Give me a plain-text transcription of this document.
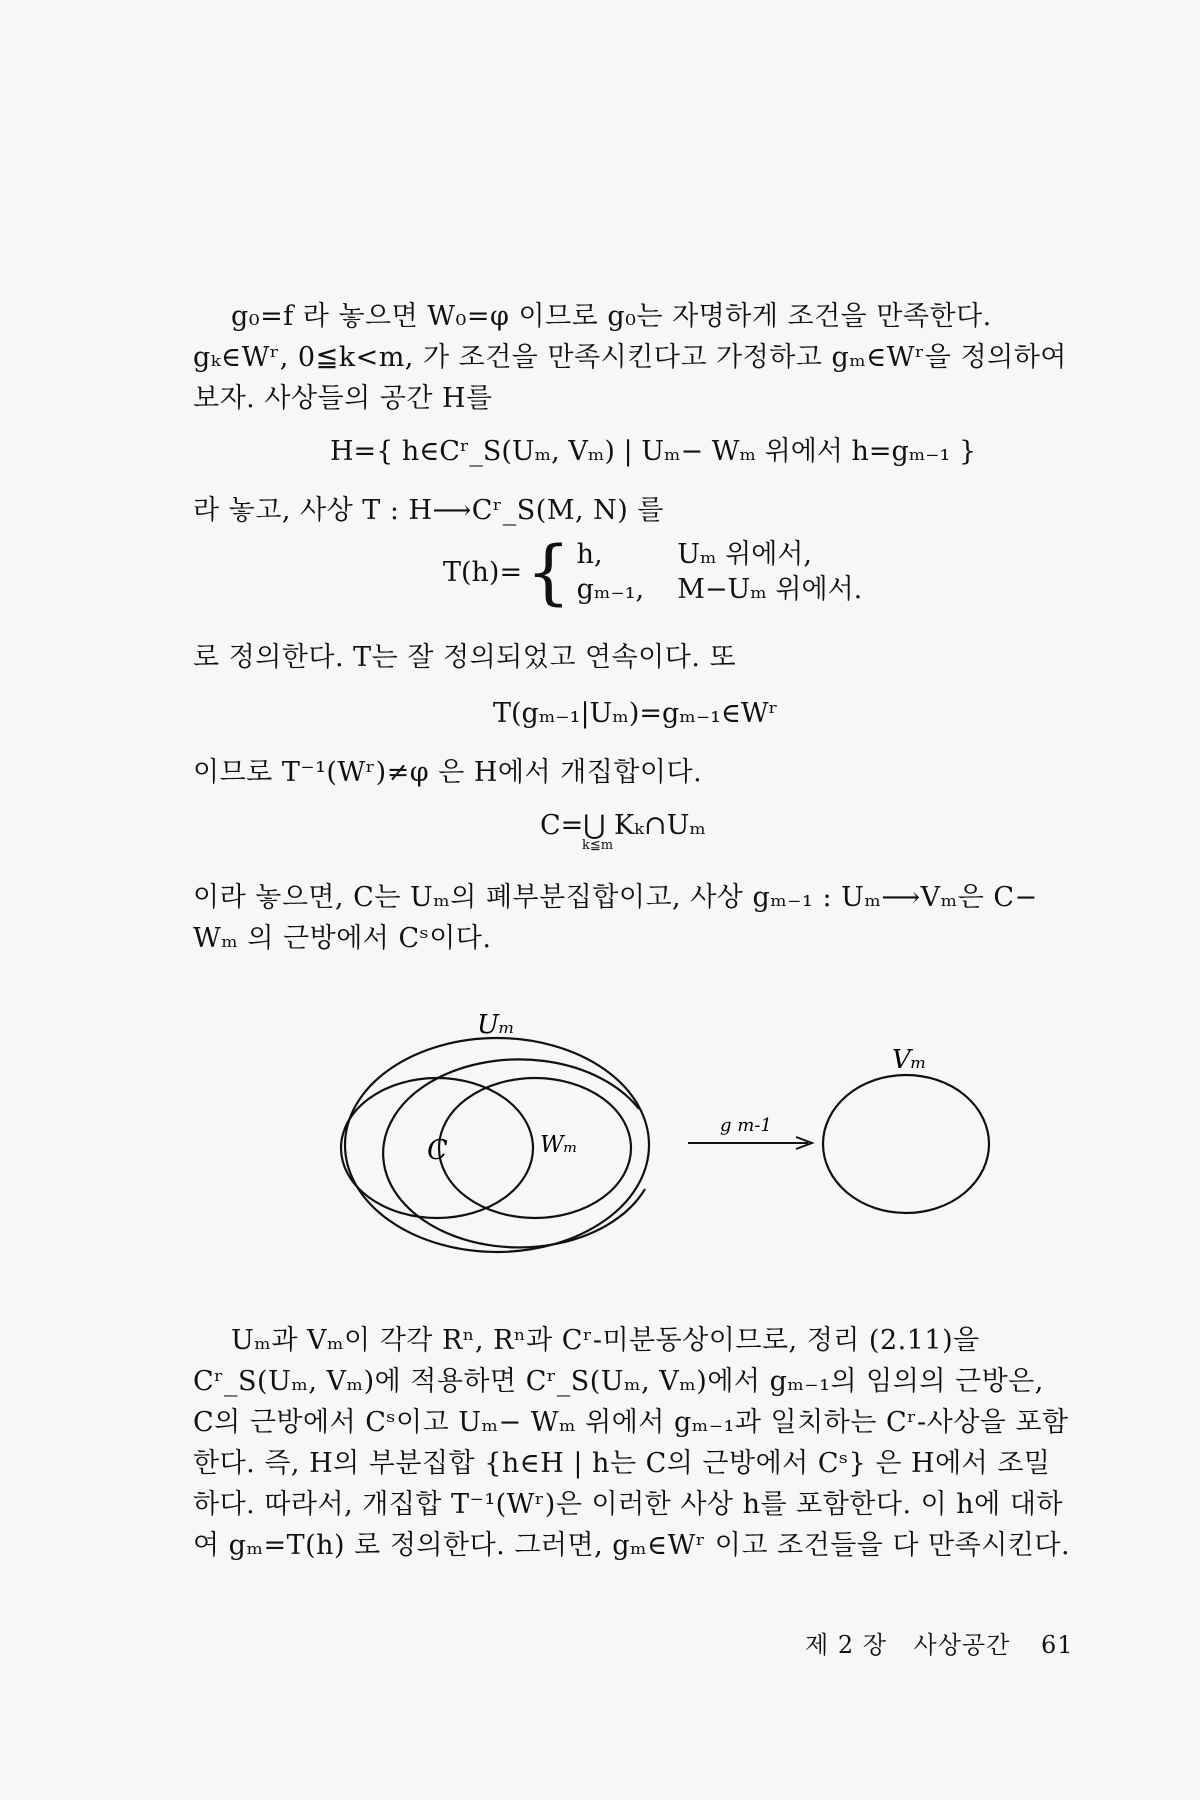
g₀=f 라 놓으면 W₀=φ 이므로 g₀는 자명하게 조건을 만족한다. gₖ∈Wʳ, 0≦k<m, 가 조건을 만족시킨다고 가정하고 gₘ∈Wʳ을 정의하여 보자. 사상들의 공간 H를

H={ h∈Cʳ_S(Uₘ, Vₘ) | Uₘ− Wₘ 위에서 h=gₘ₋₁ }

라 놓고, 사상 T : H⟶Cʳ_S(M, N) 를

T(h)= { h,	Uₘ 위에서,
gₘ₋₁, M−Uₘ 위에서.

로 정의한다. T는 잘 정의되었고 연속이다. 또

T(gₘ₋₁|Uₘ)=gₘ₋₁∈Wʳ

이므로 T⁻¹(Wʳ)≠φ 은 H에서 개집합이다.

C=⋃ Kₖ∩Uₘ
k≦m

이라 놓으면, C는 Uₘ의 폐부분집합이고, 사상 gₘ₋₁ : Uₘ⟶Vₘ은 C− Wₘ 의 근방에서 Cˢ이다.

Uₘ
Vₘ
C	Wₘ
g m-1

Uₘ과 Vₘ이 각각 Rⁿ, Rⁿ과 Cʳ-미분동상이므로, 정리 (2.11)을 Cʳ_S(Uₘ, Vₘ)에 적용하면 Cʳ_S(Uₘ, Vₘ)에서 gₘ₋₁의 임의의 근방은, C의 근방에서 Cˢ이고 Uₘ− Wₘ 위에서 gₘ₋₁과 일치하는 Cʳ-사상을 포함한다. 즉, H의 부분집합 {h∈H | h는 C의 근방에서 Cˢ} 은 H에서 조밀하다. 따라서, 개집합 T⁻¹(Wʳ)은 이러한 사상 h를 포함한다. 이 h에 대하여 gₘ=T(h) 로 정의한다. 그러면, gₘ∈Wʳ 이고 조건들을 다 만족시킨다.

제 2 장 사상공간 61
